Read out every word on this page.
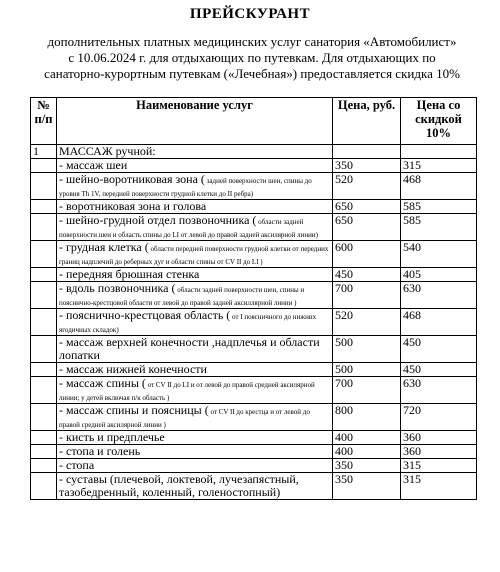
ПРЕЙСКУРАНТ
дополнительных платных медицинских услуг санатория «Автомобилист»
с 10.06.2024 г. для отдыхающих по путевкам. Для отдыхающих по
санаторно-курортным путевкам («Лечебная») предоставляется скидка 10%
№ п/п	Наименование услуг	Цена, руб.	Цена со скидкой 10%
1	МАССАЖ ручной:		
	- массаж шеи	350	315
	- шейно-воротниковая зона ( задней поверхности шеи, спины до уровня Th 1V, передней поверхности грудной клетки до II ребра)	520	468
	- воротниковая зона и голова	650	585
	- шейно-грудной отдел позвоночника ( области задней поверхности шеи и область спины до LI от левой до правой задней аксилярной линии)	650	585
	- грудная клетка ( области передней поверхности грудной клетки от передних границ надплечий до реберных дуг и области спины от CV II до LI )	600	540
	- передняя брюшная стенка	450	405
	- вдоль позвоночника ( области задней поверхности шеи, спины и пояснично-крестцовой области от левой до правой задней аксиллярной линии )	700	630
	- пояснично-крестцовая область ( от I поясничного до нижних ягодичных складок)	520	468
	- массаж верхней конечности ,надплечья и области лопатки	500	450
	- массаж нижней конечности	500	450
	- массаж спины ( от CV II до LI и от левой до правой средней аксилярной линии; у детей включая п/к область )	700	630
	- массаж спины и поясницы ( от CV II до крестца и от левой до правой средней аксилярной линии )	800	720
	- кисть и предплечье	400	360
	- стопа и голень	400	360
	- стопа	350	315
	- суставы (плечевой, локтевой, лучезапястный, тазобедренный, коленный, голеностопный)	350	315
